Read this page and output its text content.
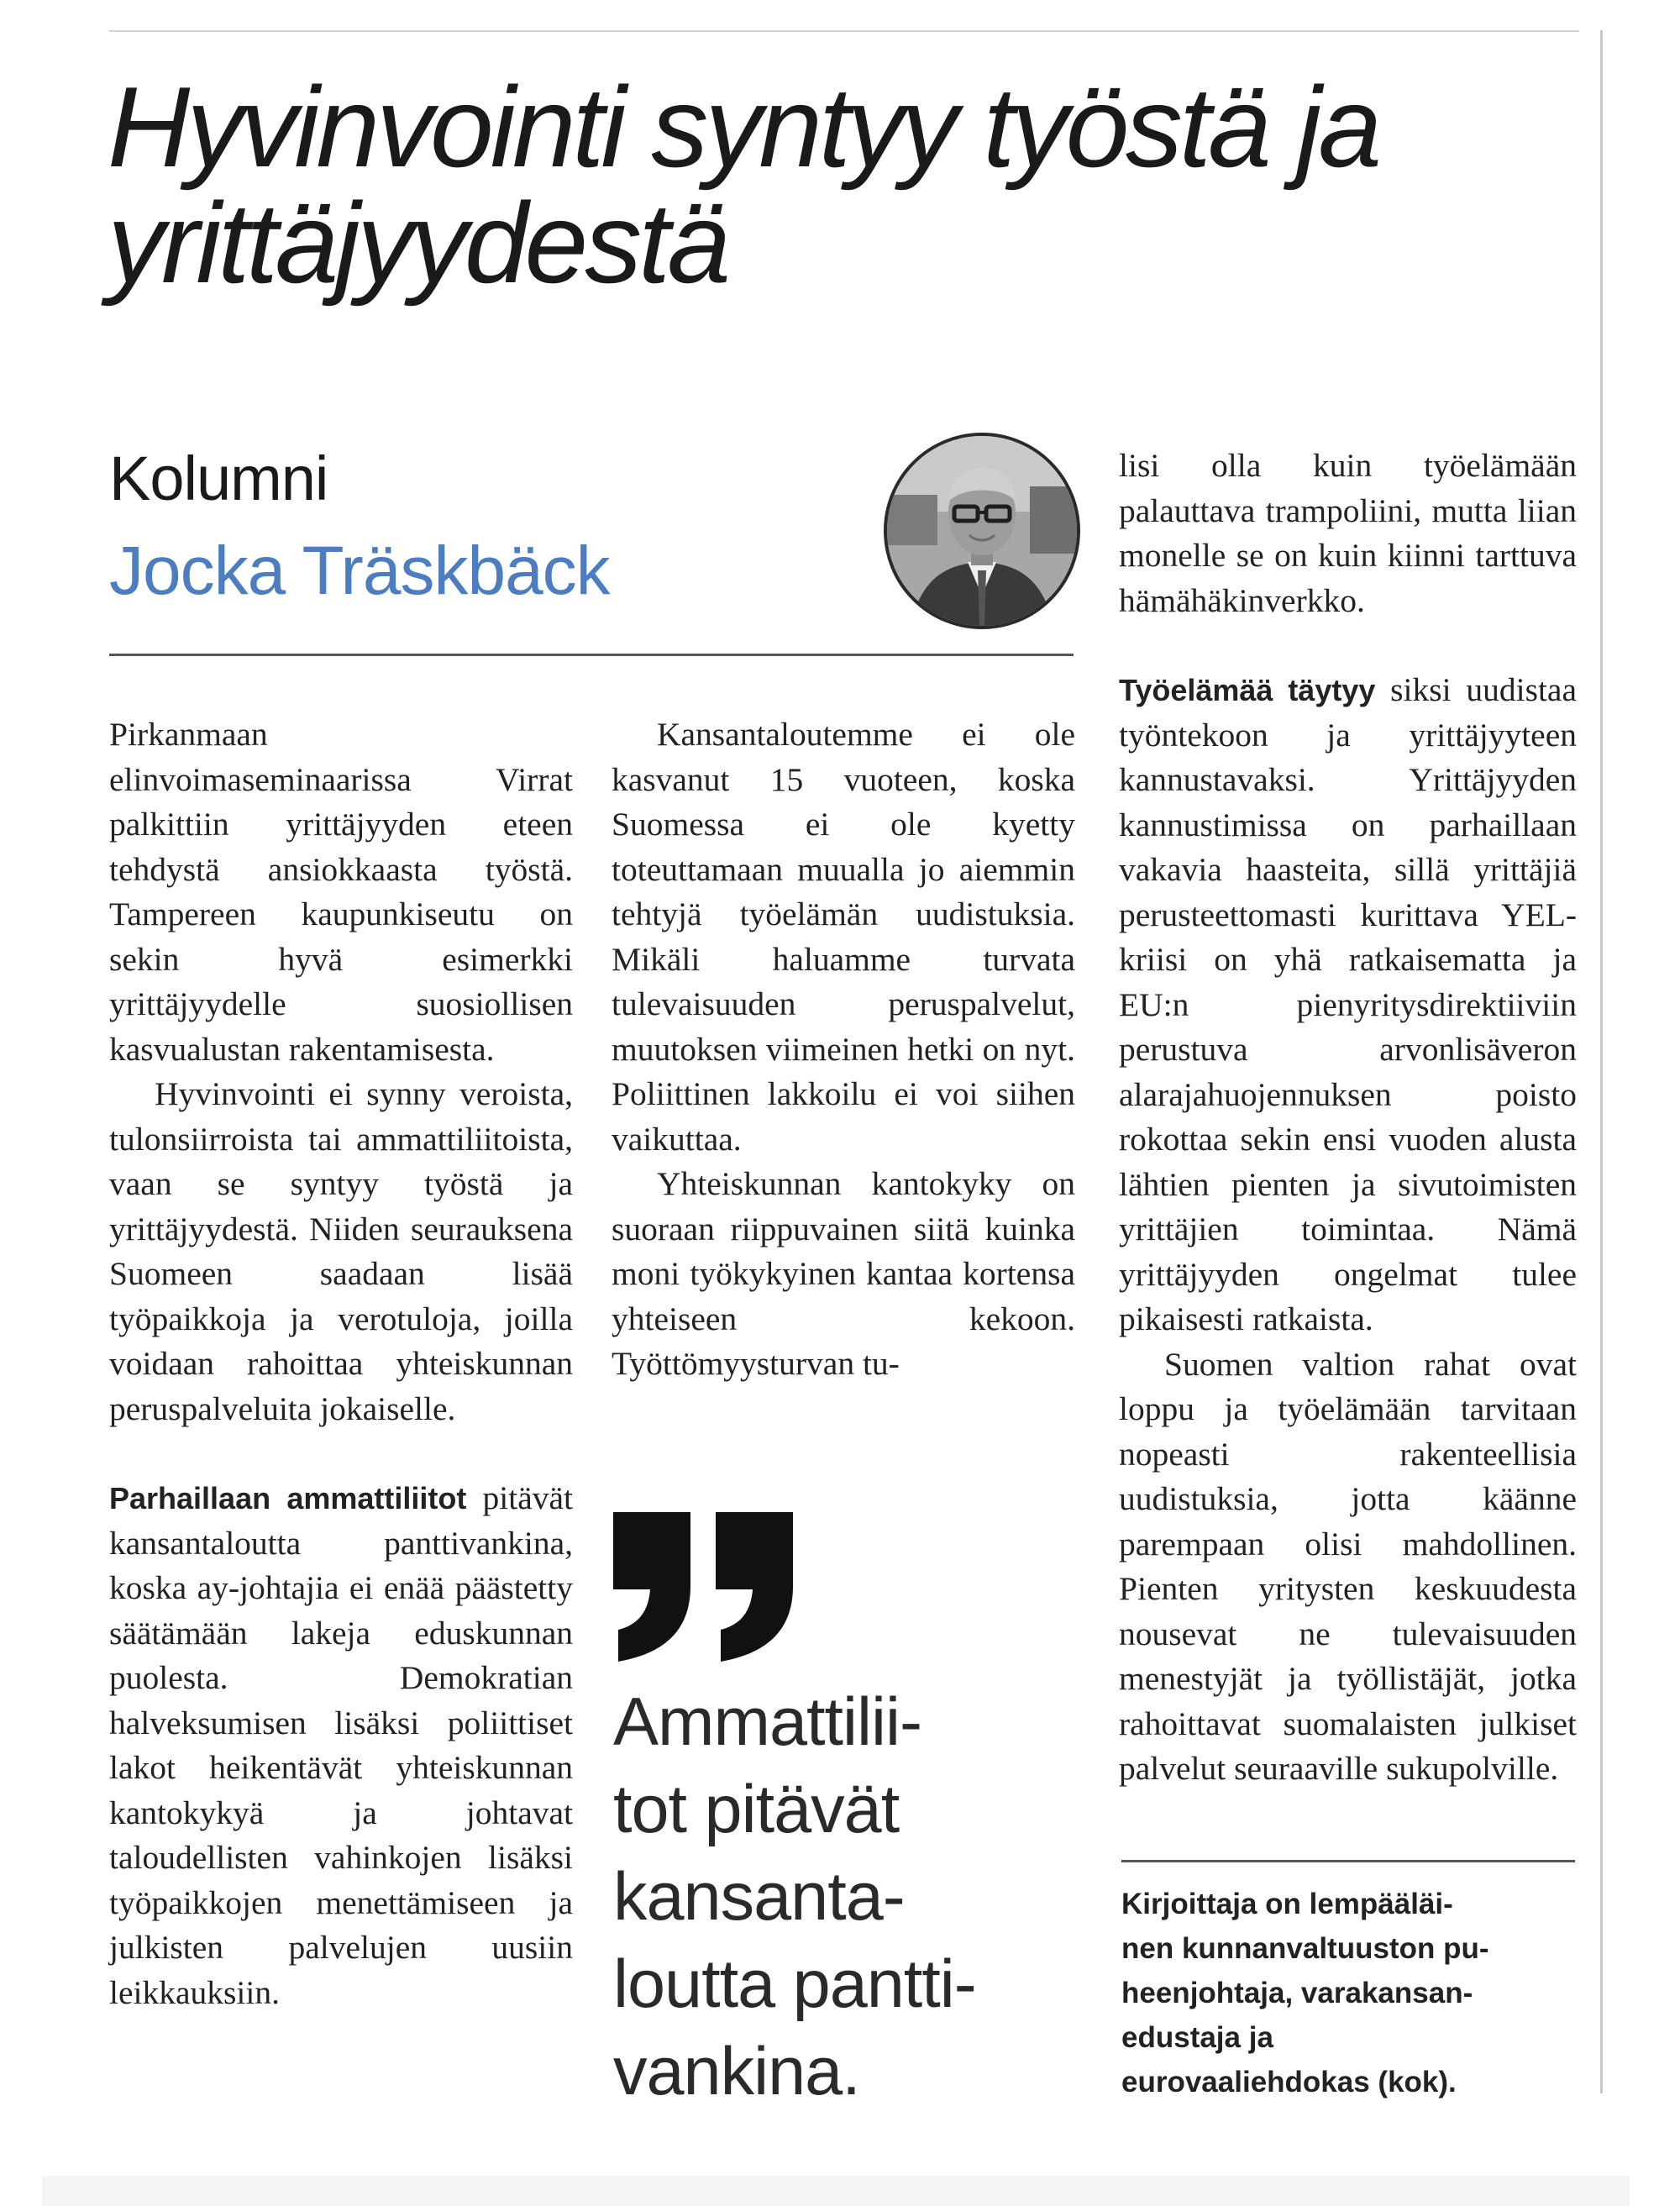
Hyvinvointi syntyy työstä ja yrittäjyydestä
Kolumni
Jocka Träskbäck

Pirkanmaan elinvoimaseminaarissa Virrat palkittiin yrittäjyyden eteen tehdystä ansiokkaasta työstä. Tampereen kaupunkiseutu on sekin hyvä esimerkki yrittäjyydelle suosiollisen kasvualustan rakentamisesta.

Hyvinvointi ei synny veroista, tulonsiirroista tai ammattiliitoista, vaan se syntyy työstä ja yrittäjyydestä. Niiden seurauksena Suomeen saadaan lisää työpaikkoja ja verotuloja, joilla voidaan rahoittaa yhteiskunnan peruspalveluita jokaiselle.

Parhaillaan ammattiliitot pitävät kansantaloutta panttivankina, koska ay-johtajia ei enää päästetty säätämään lakeja eduskunnan puolesta. Demokratian halveksumisen lisäksi poliittiset lakot heikentävät yhteiskunnan kantokykyä ja johtavat taloudellisten vahinkojen lisäksi työpaikkojen menettämiseen ja julkisten palvelujen uusiin leikkauksiin.

Kansantaloutemme ei ole kasvanut 15 vuoteen, koska Suomessa ei ole kyetty toteuttamaan muualla jo aiemmin tehtyjä työelämän uudistuksia. Mikäli haluamme turvata tulevaisuuden peruspalvelut, muutoksen viimeinen hetki on nyt. Poliittinen lakkoilu ei voi siihen vaikuttaa.

Yhteiskunnan kantokyky on suoraan riippuvainen siitä kuinka moni työkykyinen kantaa kortensa yhteiseen kekoon. Työttömyysturvan tu-

Ammattilii-
tot pitävät
kansanta-
loutta pantti-
vankina.

lisi olla kuin työelämään palauttava trampoliini, mutta liian monelle se on kuin kiinni tarttuva hämähäkinverkko.

Työelämää täytyy siksi uudistaa työntekoon ja yrittäjyyteen kannustavaksi. Yrittäjyyden kannustimissa on parhaillaan vakavia haasteita, sillä yrittäjiä perusteettomasti kurittava YEL-kriisi on yhä ratkaisematta ja EU:n pienyritysdirektiiviin perustuva arvonlisäveron alarajahuojennuksen poisto rokottaa sekin ensi vuoden alusta lähtien pienten ja sivutoimisten yrittäjien toimintaa. Nämä yrittäjyyden ongelmat tulee pikaisesti ratkaista.

Suomen valtion rahat ovat loppu ja työelämään tarvitaan nopeasti rakenteellisia uudistuksia, jotta käänne parempaan olisi mahdollinen. Pienten yritysten keskuudesta nousevat ne tulevaisuuden menestyjät ja työllistäjät, jotka rahoittavat suomalaisten julkiset palvelut seuraaville sukupolville.

Kirjoittaja on lempääläi-
nen kunnanvaltuuston pu-
heenjohtaja, varakansan-
edustaja ja
eurovaaliehdokas (kok).
